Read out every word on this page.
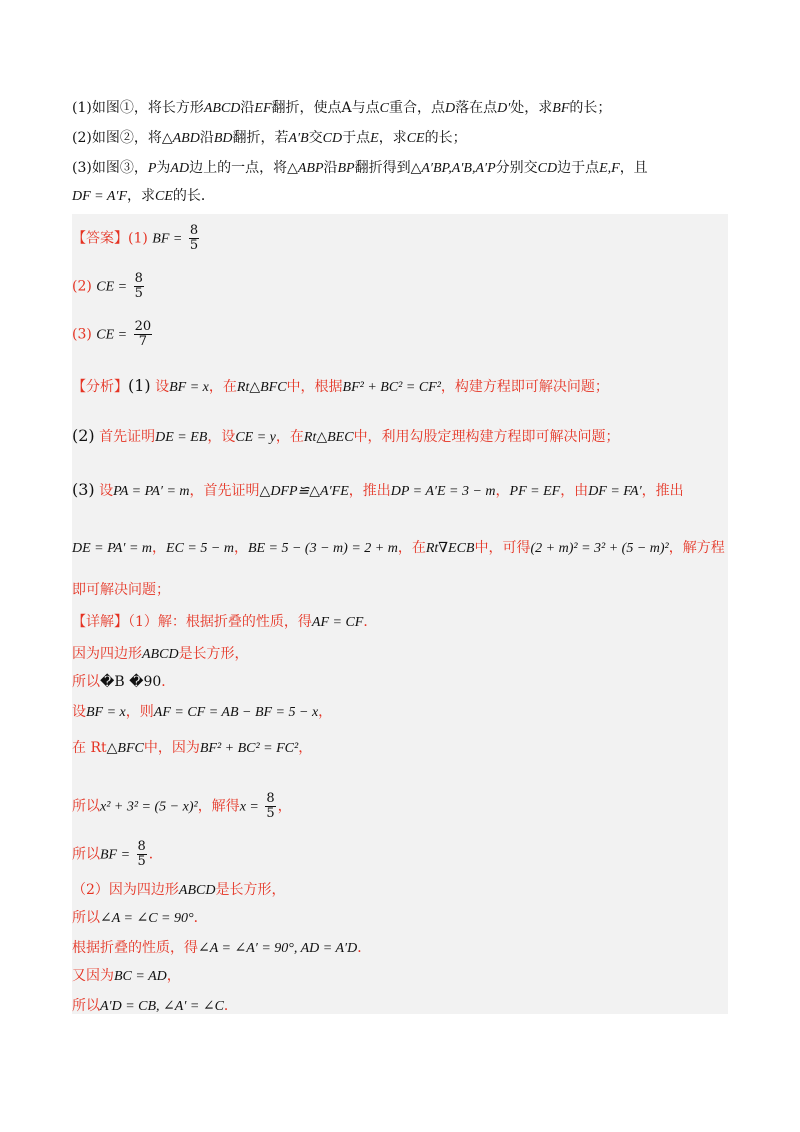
(1)如图①，将长方形ABCD沿EF翻折，使点A与点C重合，点D落在点D′处，求BF的长；
(2)如图②，将△ABD沿BD翻折，若A′B交CD于点E，求CE的长；
(3)如图③，P为AD边上的一点，将△ABP沿BP翻折得到△A′BP,A′B,A′P分别交CD边于点E,F，且
DF = A′F，求CE的长．
【答案】(1) BF = $\frac{8}{5}$
(2) CE = $\frac{8}{5}$
(3) CE = $\frac{20}{7}$
【分析】(1) 设BF = x，在Rt△BFC中，根据BF² + BC² = CF²，构建方程即可解决问题；
(2) 首先证明DE = EB，设CE = y，在Rt△BEC中，利用勾股定理构建方程即可解决问题；
(3) 设PA = PA′ = m，首先证明△DFP≌△A′FE，推出DP = A′E = 3 − m，PF = EF，由DF = FA′，推出
DE = PA′ = m，EC = 5 − m，BE = 5 − (3 − m) = 2 + m，在Rt∇ECB中，可得(2 + m)² = 3² + (5 − m)²，解方程
即可解决问题；
【详解】（1）解：根据折叠的性质，得AF = CF．
因为四边形ABCD是长方形，
所以�B �90．
设BF = x，则AF = CF = AB − BF = 5 − x，
在 Rt△BFC中，因为BF² + BC² = FC²，
所以x² + 3² = (5 − x)²，解得$x = \frac{8}{5}$ ，
所以BF = $\frac{8}{5}$ ．
（2）因为四边形ABCD是长方形，
所以∠A = ∠C = 90°．
根据折叠的性质，得∠A = ∠A′ = 90°, AD = A′D．
又因为BC = AD，
所以A′D = CB, ∠A′ = ∠C．
